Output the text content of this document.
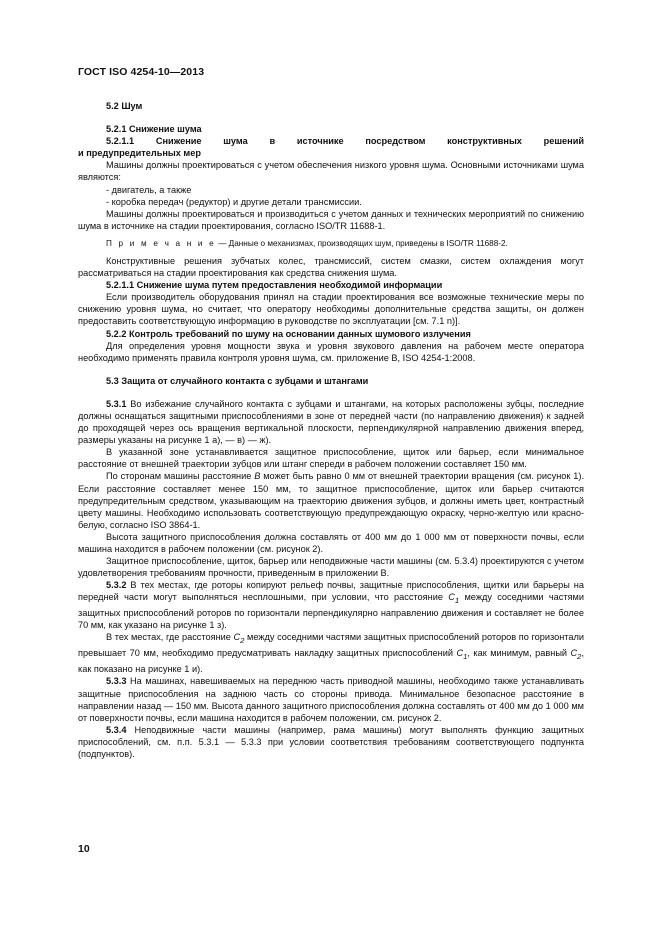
ГОСТ ISO 4254-10—2013

5.2 Шум

5.2.1 Снижение шума

5.2.1.1 Снижение шума в источнике посредством конструктивных решений

и предупредительных мер

Машины должны проектироваться с учетом обеспечения низкого уровня шума. Основными источниками шума являются:

- двигатель, а также

- коробка передач (редуктор) и другие детали трансмиссии.

Машины должны проектироваться и производиться с учетом данных и технических мероприятий по снижению шума в источнике на стадии проектирования, согласно ISO/TR 11688-1.

П р и м е ч а н и е — Данные о механизмах, производящих шум, приведены в ISO/TR 11688-2.

Конструктивные решения зубчатых колес, трансмиссий, систем смазки, систем охлаждения могут рассматриваться на стадии проектирования как средства снижения шума.

5.2.1.1 Снижение шума путем предоставления необходимой информации

Если производитель оборудования принял на стадии проектирования все возможные технические меры по снижению уровня шума, но считает, что оператору необходимы дополнительные средства защиты, он должен предоставить соответствующую информацию в руководстве по эксплуатации [см. 7.1 n)].

5.2.2 Контроль требований по шуму на основании данных шумового излучения

Для определения уровня мощности звука и уровня звукового давления на рабочем месте оператора необходимо применять правила контроля уровня шума, см. приложение В, ISO 4254-1:2008.

5.3 Защита от случайного контакта с зубцами и штангами

5.3.1 Во избежание случайного контакта с зубцами и штангами, на которых расположены зубцы, последние должны оснащаться защитными приспособлениями в зоне от передней части (по направлению движения) к задней до проходящей через ось вращения вертикальной плоскости, перпендикулярной направлению движения вперед, размеры указаны на рисунке 1 а), — в) — ж).

В указанной зоне устанавливается защитное приспособление, щиток или барьер, если минимальное расстояние от внешней траектории зубцов или штанг спереди в рабочем положении составляет 150 мм.

По сторонам машины расстояние B может быть равно 0 мм от внешней траектории вращения (см. рисунок 1). Если расстояние составляет менее 150 мм, то защитное приспособление, щиток или барьер считаются предупредительным средством, указывающим на траекторию движения зубцов, и должны иметь цвет, контрастный цвету машины. Необходимо использовать соответствующую предупреждающую окраску, черно-желтую или красно-белую, согласно ISO 3864-1.

Высота защитного приспособления должна составлять от 400 мм до 1 000 мм от поверхности почвы, если машина находится в рабочем положении (см. рисунок 2).

Защитное приспособление, щиток, барьер или неподвижные части машины (см. 5.3.4) проектируются с учетом удовлетворения требованиям прочности, приведенным в приложении В.

5.3.2 В тех местах, где роторы копируют рельеф почвы, защитные приспособления, щитки или барьеры на передней части могут выполняться несплошными, при условии, что расстояние $C_1$ между соседними частями защитных приспособлений роторов по горизонтали перпендикулярно направлению движения и составляет не более 70 мм, как указано на рисунке 1 з).

В тех местах, где расстояние $C_2$ между соседними частями защитных приспособлений роторов по горизонтали превышает 70 мм, необходимо предусматривать накладку защитных приспособлений $C_1$, как минимум, равный $C_2$, как показано на рисунке 1 и).

5.3.3 На машинах, навешиваемых на переднюю часть приводной машины, необходимо также устанавливать защитные приспособления на заднюю часть со стороны привода. Минимальное безопасное расстояние в направлении назад — 150 мм. Высота данного защитного приспособления должна составлять от 400 мм до 1 000 мм от поверхности почвы, если машина находится в рабочем положении, см. рисунок 2.

5.3.4 Неподвижные части машины (например, рама машины) могут выполнять функцию защитных приспособлений, см. п.п. 5.3.1 — 5.3.3 при условии соответствия требованиям соответствующего подпункта (подпунктов).

10
